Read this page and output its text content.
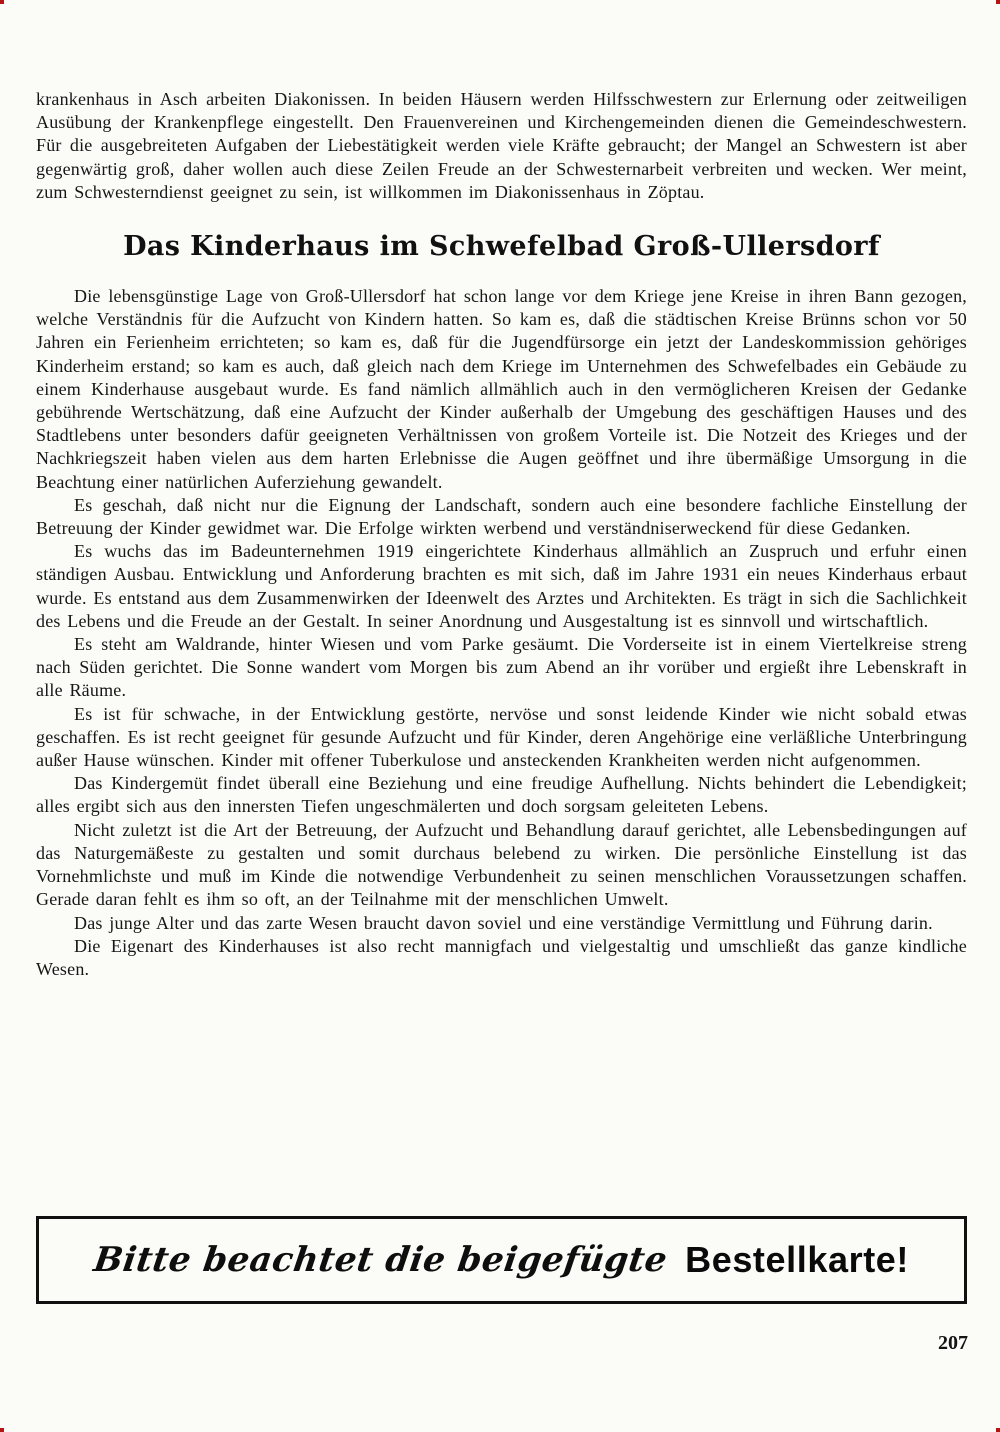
krankenhaus in Asch arbeiten Diakonissen. In beiden Häusern werden Hilfsschwestern zur Erlernung oder zeitweiligen Ausübung der Krankenpflege eingestellt. Den Frauenvereinen und Kirchengemeinden dienen die Gemeindeschwestern. Für die ausgebreiteten Aufgaben der Liebestätigkeit werden viele Kräfte gebraucht; der Mangel an Schwestern ist aber gegenwärtig groß, daher wollen auch diese Zeilen Freude an der Schwesternarbeit verbreiten und wecken. Wer meint, zum Schwesterndienst geeignet zu sein, ist willkommen im Diakonissenhaus in Zöptau.

Das Kinderhaus im Schwefelbad Groß-Ullersdorf

Die lebensgünstige Lage von Groß-Ullersdorf hat schon lange vor dem Kriege jene Kreise in ihren Bann gezogen, welche Verständnis für die Aufzucht von Kindern hatten. So kam es, daß die städtischen Kreise Brünns schon vor 50 Jahren ein Ferienheim errichteten; so kam es, daß für die Jugendfürsorge ein jetzt der Landeskommission gehöriges Kinderheim erstand; so kam es auch, daß gleich nach dem Kriege im Unternehmen des Schwefelbades ein Gebäude zu einem Kinderhause ausgebaut wurde. Es fand nämlich allmählich auch in den vermöglicheren Kreisen der Gedanke gebührende Wertschätzung, daß eine Aufzucht der Kinder außerhalb der Umgebung des geschäftigen Hauses und des Stadtlebens unter besonders dafür geeigneten Verhältnissen von großem Vorteile ist. Die Notzeit des Krieges und der Nachkriegszeit haben vielen aus dem harten Erlebnisse die Augen geöffnet und ihre übermäßige Umsorgung in die Beachtung einer natürlichen Auferziehung gewandelt.

Es geschah, daß nicht nur die Eignung der Landschaft, sondern auch eine besondere fachliche Einstellung der Betreuung der Kinder gewidmet war. Die Erfolge wirkten werbend und verständniserweckend für diese Gedanken.

Es wuchs das im Badeunternehmen 1919 eingerichtete Kinderhaus allmählich an Zuspruch und erfuhr einen ständigen Ausbau. Entwicklung und Anforderung brachten es mit sich, daß im Jahre 1931 ein neues Kinderhaus erbaut wurde. Es entstand aus dem Zusammenwirken der Ideenwelt des Arztes und Architekten. Es trägt in sich die Sachlichkeit des Lebens und die Freude an der Gestalt. In seiner Anordnung und Ausgestaltung ist es sinnvoll und wirtschaftlich.

Es steht am Waldrande, hinter Wiesen und vom Parke gesäumt. Die Vorderseite ist in einem Viertelkreise streng nach Süden gerichtet. Die Sonne wandert vom Morgen bis zum Abend an ihr vorüber und ergießt ihre Lebenskraft in alle Räume.

Es ist für schwache, in der Entwicklung gestörte, nervöse und sonst leidende Kinder wie nicht sobald etwas geschaffen. Es ist recht geeignet für gesunde Aufzucht und für Kinder, deren Angehörige eine verläßliche Unterbringung außer Hause wünschen. Kinder mit offener Tuberkulose und ansteckenden Krankheiten werden nicht aufgenommen.

Das Kindergemüt findet überall eine Beziehung und eine freudige Aufhellung. Nichts behindert die Lebendigkeit; alles ergibt sich aus den innersten Tiefen ungeschmälerten und doch sorgsam geleiteten Lebens.

Nicht zuletzt ist die Art der Betreuung, der Aufzucht und Behandlung darauf gerichtet, alle Lebensbedingungen auf das Naturgemäßeste zu gestalten und somit durchaus belebend zu wirken. Die persönliche Einstellung ist das Vornehmlichste und muß im Kinde die notwendige Verbundenheit zu seinen menschlichen Voraussetzungen schaffen. Gerade daran fehlt es ihm so oft, an der Teilnahme mit der menschlichen Umwelt.

Das junge Alter und das zarte Wesen braucht davon soviel und eine verständige Vermittlung und Führung darin.

Die Eigenart des Kinderhauses ist also recht mannigfach und vielgestaltig und umschließt das ganze kindliche Wesen.

Bitte beachtet die beigefügte Bestellkarte!
207
